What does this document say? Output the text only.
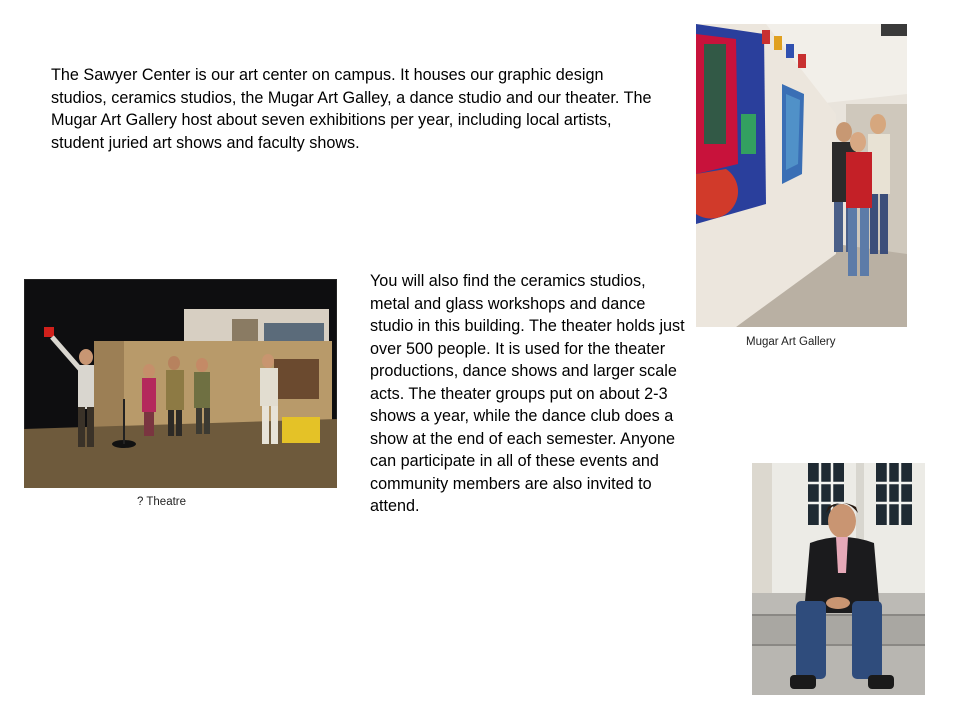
The Sawyer Center is our art center on campus. It houses our graphic design studios, ceramics studios, the Mugar Art Galley, a dance studio and our theater. The Mugar Art Gallery host about seven exhibitions per year, including local artists, student juried art shows and faculty shows.

You will also find the ceramics studios, metal and glass workshops and dance studio in this building. The theater holds just over 500 people. It is used for the theater productions, dance shows and larger scale acts. The theater groups put on about 2-3 shows a year, while the dance club does a show at the end of each semester. Anyone can participate in all of these events and community members are also invited to attend.

Mugar Art Gallery
? Theatre
